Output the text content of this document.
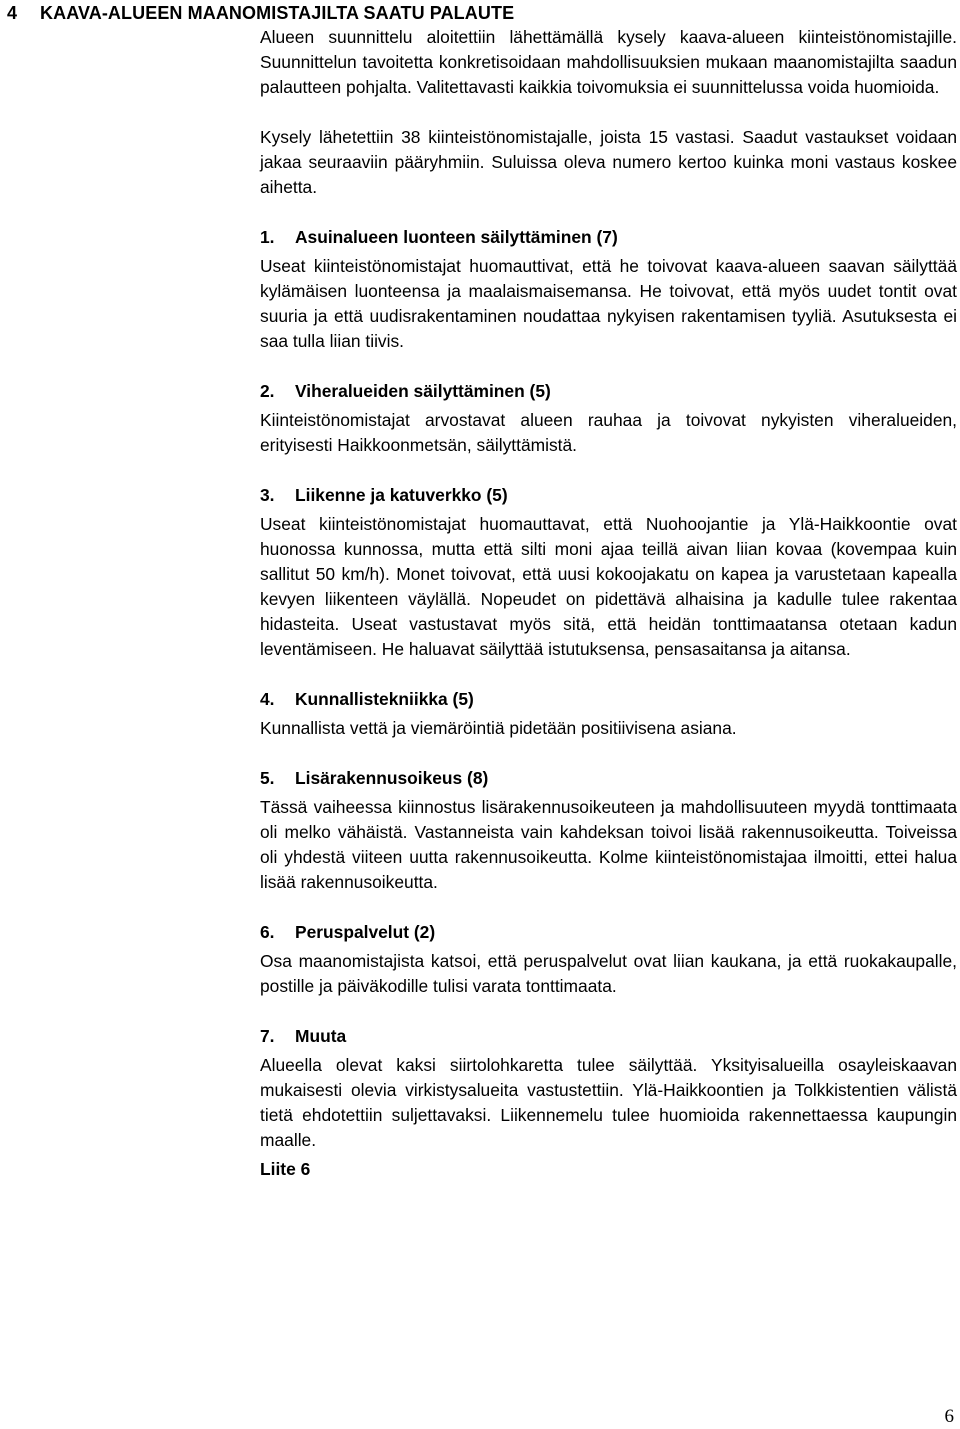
4 KAAVA-ALUEEN MAANOMISTAJILTA SAATU PALAUTE

Alueen suunnittelu aloitettiin lähettämällä kysely kaava-alueen kiinteistönomistajille. Suunnittelun tavoitetta konkretisoidaan mahdollisuuksien mukaan maanomistajilta saadun palautteen pohjalta. Valitettavasti kaikkia toivomuksia ei suunnittelussa voida huomioida.

Kysely lähetettiin 38 kiinteistönomistajalle, joista 15 vastasi. Saadut vastaukset voidaan jakaa seuraaviin pääryhmiin. Suluissa oleva numero kertoo kuinka moni vastaus koskee aihetta.

1. Asuinalueen luonteen säilyttäminen (7)

Useat kiinteistönomistajat huomauttivat, että he toivovat kaava-alueen saavan säilyttää kylämäisen luonteensa ja maalaismaisemansa. He toivovat, että myös uudet tontit ovat suuria ja että uudisrakentaminen noudattaa nykyisen rakentamisen tyyliä. Asutuksesta ei saa tulla liian tiivis.

2. Viheralueiden säilyttäminen (5)

Kiinteistönomistajat arvostavat alueen rauhaa ja toivovat nykyisten viheralueiden, erityisesti Haikkoonmetsän, säilyttämistä.

3. Liikenne ja katuverkko (5)

Useat kiinteistönomistajat huomauttavat, että Nuohoojantie ja Ylä-Haikkoontie ovat huonossa kunnossa, mutta että silti moni ajaa teillä aivan liian kovaa (kovempaa kuin sallitut 50 km/h). Monet toivovat, että uusi kokoojakatu on kapea ja varustetaan kapealla kevyen liikenteen väylällä. Nopeudet on pidettävä alhaisina ja kadulle tulee rakentaa hidasteita. Useat vastustavat myös sitä, että heidän tonttimaatansa otetaan kadun leventämiseen. He haluavat säilyttää istutuksensa, pensasaitansa ja aitansa.

4. Kunnallistekniikka (5)

Kunnallista vettä ja viemäröintiä pidetään positiivisena asiana.

5. Lisärakennusoikeus (8)

Tässä vaiheessa kiinnostus lisärakennusoikeuteen ja mahdollisuuteen myydä tonttimaata oli melko vähäistä. Vastanneista vain kahdeksan toivoi lisää rakennusoikeutta. Toiveissa oli yhdestä viiteen uutta rakennusoikeutta. Kolme kiinteistönomistajaa ilmoitti, ettei halua lisää rakennusoikeutta.

6. Peruspalvelut (2)

Osa maanomistajista katsoi, että peruspalvelut ovat liian kaukana, ja että ruokakaupalle, postille ja päiväkodille tulisi varata tonttimaata.

7. Muuta

Alueella olevat kaksi siirtolohkaretta tulee säilyttää. Yksityisalueilla osayleiskaavan mukaisesti olevia virkistysalueita vastustettiin. Ylä-Haikkoontien ja Tolkkistentien välistä tietä ehdotettiin suljettavaksi. Liikennemelu tulee huomioida rakennettaessa kaupungin maalle.

Liite 6

6
